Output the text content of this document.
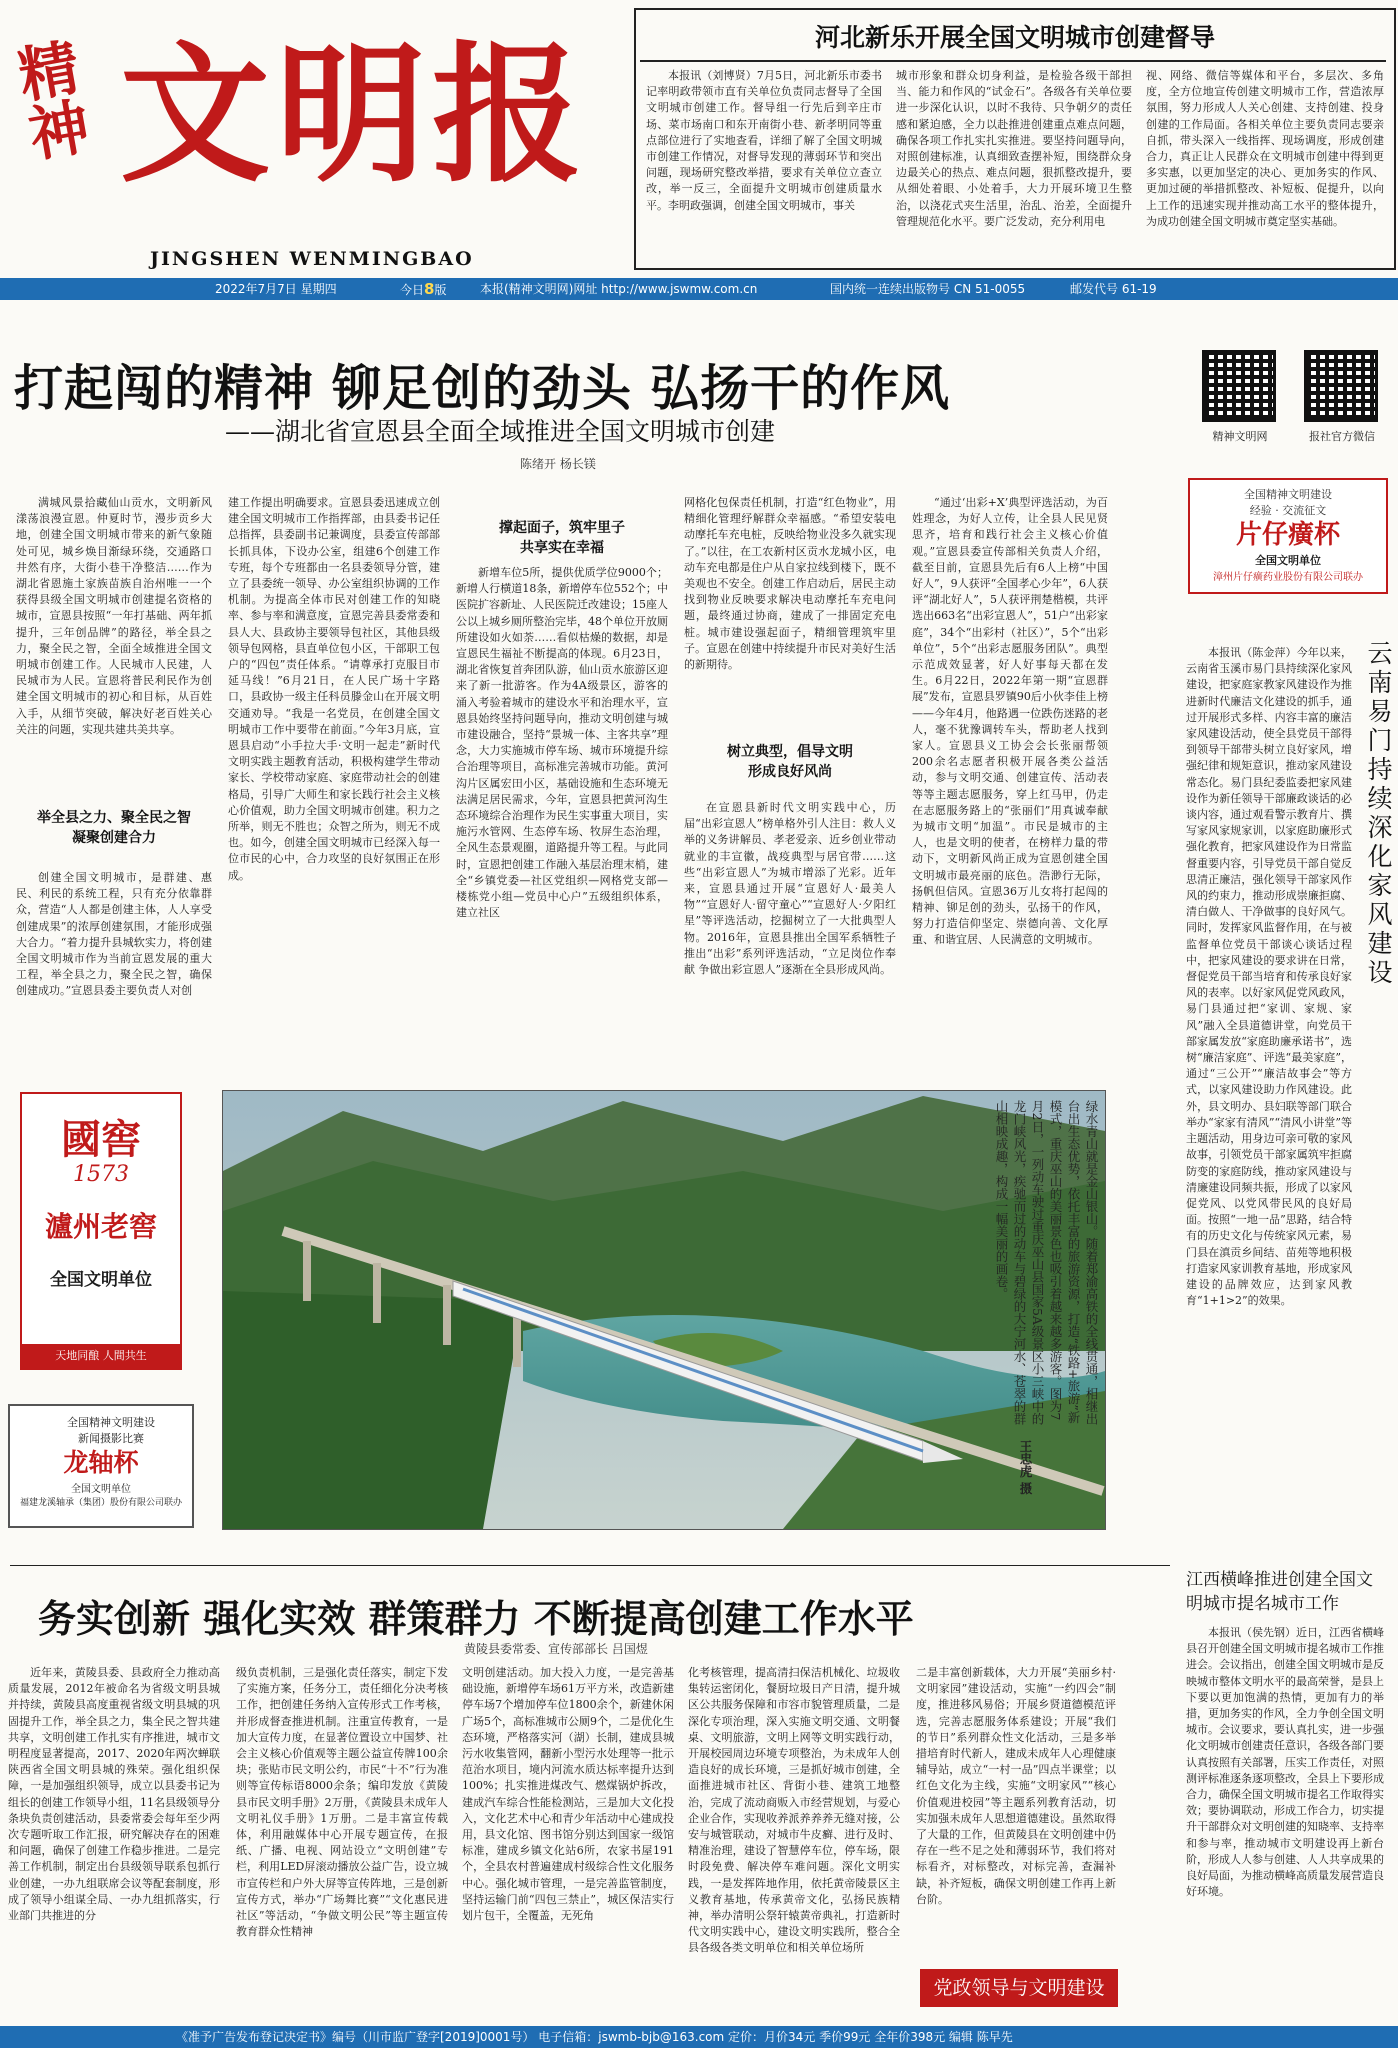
精神 文明报
JINGSHEN WENMINGBAO
河北新乐开展全国文明城市创建督导

本报讯（刘博贤）7月5日，河北新乐市委书记率明政带领市直有关单位负责同志督导了全国文明城市创建工作。督导组一行先后到辛庄市场、菜市场南口和东开南街小巷、新孝明同等重点部位进行了实地查看，详细了解了全国文明城市创建工作情况，对督导发现的薄弱环节和突出问题，现场研究整改举措，要求有关单位立查立改，举一反三，全面提升文明城市创建质量水平。李明政强调，创建全国文明城市，事关

城市形象和群众切身利益，是检验各级干部担当、能力和作风的“试金石”。各级各有关单位要进一步深化认识，以时不我待、只争朝夕的责任感和紧迫感，全力以赴推进创建重点难点问题，确保各项工作扎实扎实推进。要坚持问题导向，对照创建标准，认真细致查摆补短，围绕群众身边最关心的热点、难点问题，狠抓整改提升，要从细处着眼、小处着手，大力开展环境卫生整治，以浇花式夹生活里，治乱、治差，全面提升管理规范化水平。要广泛发动，充分利用电

视、网络、微信等媒体和平台，多层次、多角度，全方位地宣传创建文明城市工作，营造浓厚氛围，努力形成人人关心创建、支持创建、投身创建的工作局面。各相关单位主要负责同志要亲自抓，带头深入一线指挥、现场调度，形成创建合力，真正让人民群众在文明城市创建中得到更多实惠，以更加坚定的决心、更加务实的作风、更加过硬的举措抓整改、补短板、促提升，以向上工作的迅速实现并推动高工水平的整体提升，为成功创建全国文明城市奠定坚实基础。

2022年7月7日 星期四	今日8版	本报(精神文明网)网址 http://www.jswmw.com.cn	国内统一连续出版物号 CN 51-0055	邮发代号 61-19
打起闯的精神 铆足创的劲头 弘扬干的作风
——湖北省宣恩县全面全域推进全国文明城市创建
陈绪开 杨长镁

满城风景拾藏仙山贡水，文明新风漾荡浪漫宣恩。仲夏时节，漫步贡乡大地，创建全国文明城市带来的新气象随处可见，城乡焕目渐绿环绕，交通路口井然有序，大街小巷干净整洁……作为湖北省恩施土家族苗族自治州唯一一个获得县级全国文明城市创建提名资格的城市，宣恩县按照“一年打基础、两年抓提升，三年创品牌”的路径，举全县之力，聚全民之智，全面全域推进全国文明城市创建工作。人民城市人民建，人民城市为人民。宣恩将普民利民作为创建全国文明城市的初心和目标，从百姓入手，从细节突破，解决好老百姓关心关注的问题，实现共建共美共享。

举全县之力、聚全民之智
凝聚创建合力

创建全国文明城市，是群建、惠民、利民的系统工程，只有充分依靠群众，营造“人人都是创建主体，人人享受创建成果”的浓厚创建氛围，才能形成强大合力。“着力提升县城软实力，将创建全国文明城市作为当前宣恩发展的重大工程，举全县之力，聚全民之智，确保创建成功。”宣恩县委主要负责人对创

建工作提出明确要求。宣恩县委迅速成立创建全国文明城市工作指挥部，由县委书记任总指挥，县委副书记兼调度，县委宣传部部长抓具体，下设办公室，组建6个创建工作专班，每个专班都由一名县委领导分管，建立了县委统一领导、办公室组织协调的工作机制。为提高全体市民对创建工作的知晓率、参与率和满意度，宣恩完善县委常委和县人大、县政协主要领导包社区，其他县级领导包网格，县直单位包小区，干部职工包户的“四包”责任体系。“请尊承打克服目市延马线！”6月21日，在人民广场十字路口，县政协一级主任科员滕金山在开展文明交通劝导。“我是一名党员，在创建全国文明城市工作中要带在前面。”今年3月底，宣恩县启动“小手拉大手·文明一起走”新时代文明实践主题教育活动，积极构建学生带动家长、学校带动家庭、家庭带动社会的创建格局，引导广大师生和家长践行社会主义核心价值观，助力全国文明城市创建。积力之所举，则无不胜也；众智之所为，则无不成也。如今，创建全国文明城市已经深入每一位市民的心中，合力攻坚的良好氛围正在形成。

撑起面子，筑牢里子
共享实在幸福

新增车位5所，提供优质学位9000个；新增人行横道18条，新增停车位552个；中医院扩容新址、人民医院迁改建设；15座人公以上城乡厕所整治完毕，48个单位开放厕所建设如火如荼……看似枯燥的数据，却是宣恩民生福祉不断提高的体现。6月23日，湖北省恢复首奔团队游，仙山贡水旅游区迎来了新一批游客。作为4A级景区，游客的涌入考验着城市的建设水平和治理水平，宣恩县始终坚持问题导向，推动文明创建与城市建设融合，坚持“景城一体、主客共享”理念，大力实施城市停车场、城市环境提升综合治理等项目，高标准完善城市功能。黄河沟片区属宏田小区，基础设施和生态环境无法满足居民需求，今年，宣恩县把黄河沟生态环境综合治理作为民生实事重大项目，实施污水管网、生态停车场、牧屏生态治理，全风生态景观圈，道路提升等工程。与此同时，宣恩把创建工作融入基层治理末梢，建全“乡镇党委—社区党组织—网格党支部—楼栋党小组—党员中心户”五级组织体系，建立社区

网格化包保责任机制，打造“红色物业”，用精细化管理纾解群众幸福感。“希望安装电动摩托车充电桩，反映给物业没多久就实现了。”以往，在工农新村区贡水龙城小区，电动车充电都是住户从自家拉线到楼下，既不美观也不安全。创建工作启动后，居民主动找到物业反映要求解决电动摩托车充电问题，最终通过协商，建成了一排固定充电桩。城市建设强起面子，精细管理筑牢里子。宣恩在创建中持续提升市民对美好生活的新期待。

树立典型，倡导文明
形成良好风尚

在宣恩县新时代文明实践中心，历届“出彩宣恩人”榜单格外引人注目：救人义举的义务讲解员、孝老爱亲、近乡创业带动就业的丰宣徽，战疫典型与居官带……这些“出彩宣恩人”为城市增添了光彩。近年来，宣恩县通过开展“宣恩好人·最美人物”“宣恩好人·留守童心”“宣恩好人·夕阳红星”等评选活动，挖掘树立了一大批典型人物。2016年，宣恩县推出全国军系牺牲子推出“出彩”系列评选活动，“立足岗位作奉献 争做出彩宣恩人”逐渐在全县形成风尚。

“通过‘出彩+X’典型评选活动，为百姓理念，为好人立传，让全县人民见贤思齐，培育和践行社会主义核心价值观。”宣恩县委宣传部相关负责人介绍，截至目前，宣恩县先后有6人上榜“中国好人”，9人获评“全国孝心少年”，6人获评“湖北好人”，5人获评荆楚楷模，共评选出663名“出彩宣恩人”，51户“出彩家庭”，34个“出彩村（社区）”，5个“出彩单位”，5个“出彩志愿服务团队”。典型示范成效显著，好人好事每天都在发生。6月22日，2022年第一期“宣恩群展”发布，宣恩县罗镇90后小伙李佳上榜——今年4月，他路遇一位跌伤迷路的老人，毫不犹豫调转车头，帮助老人找到家人。宣恩县义工协会会长张丽帮领200余名志愿者积极开展各类公益活动，参与文明交通、创建宣传、活动表等等主题志愿服务，穿上红马甲，仍走在志愿服务路上的“张丽们”用真诚奉献为城市文明“加温”。市民是城市的主人，也是文明的使者，在榜样力量的带动下，文明新风尚正成为宣恩创建全国文明城市最亮丽的底色。浩渺行无际，扬帆但信风。宣恩36万儿女将打起闯的精神、铆足创的劲头，弘扬干的作风，努力打造信仰坚定、崇德向善、文化厚重、和谐宜居、人民满意的文明城市。

精神文明网	报社官方微信
全国精神文明建设
经验 · 交流征文
片仔癀杯
全国文明单位
漳州片仔癀药业股份有限公司联办
云南易门持续深化家风建设

本报讯（陈金萍）今年以来，云南省玉溪市易门县持续深化家风建设，把家庭家教家风建设作为推进新时代廉洁文化建设的抓手，通过开展形式多样、内容丰富的廉洁家风建设活动，使全县党员干部得到领导干部带头树立良好家风，增强纪律和规矩意识，推动家风建设常态化。易门县纪委监委把家风建设作为新任领导干部廉政谈话的必谈内容，通过观看警示教育片、撰写家风家规家训，以家庭助廉形式强化教育，把家风建设作为日常监督重要内容，引导党员干部自觉反思清正廉洁，强化领导干部家风作风的约束力，推动形成崇廉拒腐、清白做人、干净做事的良好风气。同时，发挥家风监督作用，在与被监督单位党员干部谈心谈话过程中，把家风建设的要求讲在日常，督促党员干部当培育和传承良好家风的表率。以好家风促党风政风，易门县通过把“家训、家规、家风”融入全县道德讲堂，向党员干部家属发放“家庭助廉承诺书”，选树“廉洁家庭”、评选“最美家庭”，通过“三公开”“廉洁故事会”等方式，以家风建设助力作风建设。此外，县文明办、县妇联等部门联合举办“家家有清风”“清风小讲堂”等主题活动，用身边可亲可敬的家风故事，引领党员干部家属筑牢拒腐防变的家庭防线，推动家风建设与清廉建设同频共振，形成了以家风促党风、以党风带民风的良好局面。按照“一地一品”思路，结合特有的历史文化与传统家风元素，易门县在滇贡乡间结、苗苑等地积极打造家风家训教育基地，形成家风建设的品牌效应，达到家风教育“1+1>2”的效果。

國窖
1573
瀘州老窖
全国文明单位
天地同酿 人間共生
全国精神文明建设
新闻摄影比赛
龙轴杯
全国文明单位
福建龙溪轴承（集团）股份有限公司联办
绿水青山就是金山银山。随着郑渝高铁的全线贯通，相继出台出生态优势，依托丰富的旅游资源，打造“铁路+旅游”新模式，重庆巫山的美丽景色也吸引着越来越多游客。图为7月2日，一列动车驶过重庆巫山县国家5A级景区小三峡中的龙门峡风光，疾驰而过的动车与碧绿的大宁河水、苍翠的群山相映成趣，构成一幅美丽的画卷。
王忠虎 摄
务实创新 强化实效 群策群力 不断提高创建工作水平
黄陵县委常委、宣传部部长 吕国煜

近年来，黄陵县委、县政府全力推动高质量发展，2012年被命名为省级文明县城并持续，黄陵县高度重视省级文明县城的巩固提升工作，举全县之力，集全民之智共建共享，文明创建工作扎实有序推进，城市文明程度显著提高，2017、2020年两次蝉联陕西省全国文明县城的殊荣。强化组织保障，一是加强组织领导，成立以县委书记为组长的创建工作领导小组，11名县级领导分条块负责创建活动，县委常委会每年至少两次专题听取工作汇报，研究解决存在的困难和问题，确保了创建工作稳步推进。二是完善工作机制，制定出台县级领导联系包抓行业创建，一办九组联席会议等配套制度，形成了领导小组谋全局、一办九组抓落实，行业部门共推进的分

级负责机制，三是强化责任落实，制定下发了实施方案，任务分工，责任细化分决考核工作，把创建任务纳入宣传形式工作考核，并形成督查推进机制。注重宣传教育，一是加大宣传力度，在显著位置设立中国梦、社会主义核心价值观等主题公益宣传牌100余块；张贴市民文明公约，市民“十不”行为准则等宣传标语8000余条；编印发放《黄陵县市民文明手册》2万册，《黄陵县未成年人文明礼仪手册》1万册。二是丰富宣传载体，利用融媒体中心开展专题宣传，在报纸、广播、电视、网站设立“文明创建”专栏，利用LED屏滚动播放公益广告，设立城市宣传栏和户外大屏等宣传阵地，三是创新宣传方式，举办“广场舞比赛”“文化惠民进社区”等活动，“争做文明公民”等主题宣传教育群众性精神

文明创建活动。加大投入力度，一是完善基础设施，新增停车场61万平方米，改造新建停车场7个增加停车位1800余个，新建休闲广场5个，高标准城市公厕9个，二是优化生态环境，严格落实河（湖）长制，建成县城污水收集管网，翻新小型污水处理等一批示范治水项目，境内河流水质达标率提升达到100%；扎实推进煤改气、燃煤锅炉拆改，建成汽车综合性能检测站，三是加大文化投入，文化艺术中心和青少年活动中心建成投用，县文化馆、图书馆分别达到国家一级馆标准，建成乡镇文化站6所，农家书屋191个，全县农村普遍建成村级综合性文化服务中心。强化城市管理，一是完善监管制度，坚持运输门前“四包三禁止”，城区保洁实行划片包干，全覆盖，无死角

化考核管理，提高清扫保洁机械化、垃圾收集转运密闭化，餐厨垃圾日产日清，提升城区公共服务保障和市容市貌管理质量，二是深化专项治理，深入实施文明交通、文明餐桌、文明旅游，文明上网等文明实践行动，开展校园周边环境专项整治，为未成年人创造良好的成长环境，三是抓好城市创建，全面推进城市社区、背街小巷、建筑工地整治，完成了流动商贩入市经营规划，与爱心企业合作，实现收养派养养养无缝对接，公安与城管联动，对城市牛皮癣、进行及时、精准治理，建设了智慧停车位，停车场，限时段免费、解决停车难问题。深化文明实践，一是发挥阵地作用，依托黄帝陵景区主义教育基地，传承黄帝文化，弘扬民族精神，举办清明公祭轩辕黄帝典礼，打造新时代文明实践中心，建设文明实践所，整合全县各级各类文明单位和相关单位场所

二是丰富创新载体，大力开展“美丽乡村·文明家园”建设活动，实施“一约四会”制度，推进移风易俗；开展乡贤道德模范评选，完善志愿服务体系建设；开展“我们的节日”系列群众性文化活动，三是多举措培育时代新人，建成未成年人心理健康辅导站，成立“一村一品”四点半课堂；以红色文化为主线，实施“文明家风”“核心价值观进校园”等主题系列教育活动，切实加强未成年人思想道德建设。虽然取得了大量的工作，但黄陵县在文明创建中仍存在一些不足之处和薄弱环节，我们将对标看齐，对标整改，对标完善，查漏补缺，补齐短板，确保文明创建工作再上新台阶。

党政领导与文明建设
江西横峰推进创建全国文明城市提名城市工作

本报讯（侯先钢）近日，江西省横峰县召开创建全国文明城市提名城市工作推进会。会议指出，创建全国文明城市是反映城市整体文明水平的最高荣誉，是县上下要以更加饱满的热情，更加有力的举措，更加务实的作风，全力争创全国文明城市。会议要求，要认真扎实，进一步强化文明城市创建责任意识，各级各部门要认真按照有关部署，压实工作责任，对照测评标准逐条逐项整改，全县上下要形成合力，确保全国文明城市提名工作取得实效；要协调联动，形成工作合力，切实提升干部群众对文明创建的知晓率、支持率和参与率，推动城市文明建设再上新台阶，形成人人参与创建、人人共享成果的良好局面，为推动横峰高质量发展营造良好环境。

《准予广告发布登记决定书》编号（川市监广登字[2019]0001号） 电子信箱：jswmb-bjb@163.com 定价：月价34元 季价99元 全年价398元 编辑 陈早先
